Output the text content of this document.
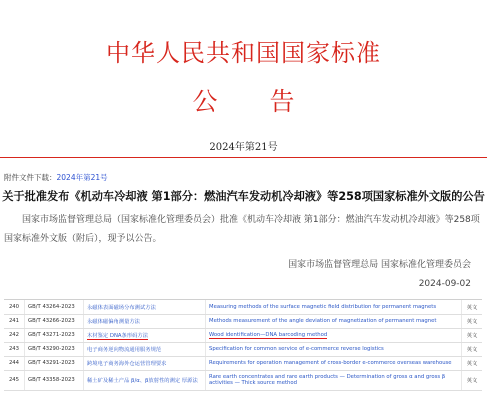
中华人民共和国国家标准
公 告
2024年第21号
附件文件下载：2024年第21号
关于批准发布《机动车冷却液 第1部分：燃油汽车发动机冷却液》等258项国家标准外文版的公告
国家市场监督管理总局（国家标准化管理委员会）批准《机动车冷却液 第1部分：燃油汽车发动机冷却液》等258项国家标准外文版（附后），现予以公告。
国家市场监督管理总局 国家标准化管理委员会
2024-09-02
240	GB/T 43264-2023	永磁体表面磁场分布测试方法	Measuring methods of the surface magnetic field distribution for permanent magnets	英文
241	GB/T 43266-2023	永磁体磁偏角测量方法	Methods measurement of the angle deviation of magnetization of permanent magnet	英文
242	GB/T 43271-2023	木材鉴定 DNA条形码方法	Wood identification—DNA barcoding method	英文
243	GB/T 43290-2023	电子商务逆向物流通用服务规范	Specification for common service of e-commerce reverse logistics	英文
244	GB/T 43291-2023	跨境电子商务海外仓运营管理要求	Requirements for operation management of cross-border e-commerce overseas warehouse	英文
245	GB/T 43358-2023	稀土矿及稀土产品 β/α、β放射性的测定 厚源法	Rare earth concentrates and rare earth products — Determination of gross α and gross β activities — Thick source method	英文
